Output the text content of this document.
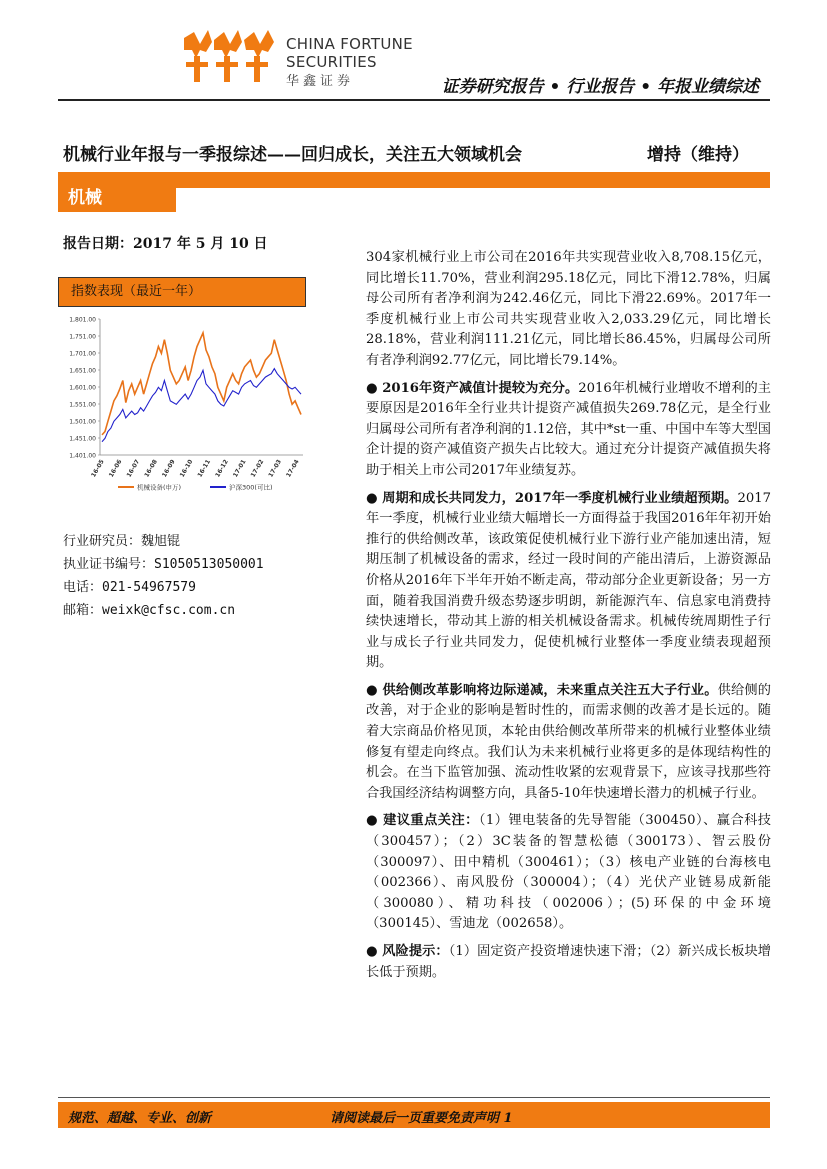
CHINA FORTUNE
SECURITIES
华鑫证券	证券研究报告 • 行业报告 • 年报业绩综述
机械行业年报与一季报综述——回归成长，关注五大领域机会	增持（维持）
机械
报告日期：2017 年 5 月 10 日
指数表现（最近一年）
1,801.00
1,751.00
1,701.00
1,651.00
1,601.00
1,551.00
1,501.00
1,451.00
1,401.00
16-05 16-06 16-07 16-08 16-09 16-10 16-11 16-12 17-01 17-02 17-03 17-04
机械设备(申万)	沪深300(可比)
行业研究员：魏旭锟
执业证书编号：S1050513050001
电话：021-54967579
邮箱：weixk@cfsc.com.cn

304家机械行业上市公司在2016年共实现营业收入8,708.15亿元，同比增长11.70%，营业利润295.18亿元，同比下滑12.78%，归属母公司所有者净利润为242.46亿元，同比下滑22.69%。2017年一季度机械行业上市公司共实现营业收入2,033.29亿元，同比增长28.18%，营业利润111.21亿元，同比增长86.45%，归属母公司所有者净利润92.77亿元，同比增长79.14%。

● 2016年资产减值计提较为充分。2016年机械行业增收不增利的主要原因是2016年全行业共计提资产减值损失269.78亿元，是全行业归属母公司所有者净利润的1.12倍，其中*st一重、中国中车等大型国企计提的资产减值资产损失占比较大。通过充分计提资产减值损失将助于相关上市公司2017年业绩复苏。

● 周期和成长共同发力，2017年一季度机械行业业绩超预期。2017年一季度，机械行业业绩大幅增长一方面得益于我国2016年年初开始推行的供给侧改革，该政策促使机械行业下游行业产能加速出清，短期压制了机械设备的需求，经过一段时间的产能出清后，上游资源品价格从2016年下半年开始不断走高，带动部分企业更新设备；另一方面，随着我国消费升级态势逐步明朗，新能源汽车、信息家电消费持续快速增长，带动其上游的相关机械设备需求。机械传统周期性子行业与成长子行业共同发力，促使机械行业整体一季度业绩表现超预期。

● 供给侧改革影响将边际递减，未来重点关注五大子行业。供给侧的改善，对于企业的影响是暂时性的，而需求侧的改善才是长远的。随着大宗商品价格见顶，本轮由供给侧改革所带来的机械行业整体业绩修复有望走向终点。我们认为未来机械行业将更多的是体现结构性的机会。在当下监管加强、流动性收紧的宏观背景下，应该寻找那些符合我国经济结构调整方向，具备5-10年快速增长潜力的机械子行业。

● 建议重点关注：（1）锂电装备的先导智能（300450）、赢合科技（300457）；（2）3C装备的智慧松德（300173）、智云股份（300097）、田中精机（300461）；（3）核电产业链的台海核电（002366）、南风股份（300004）；（4）光伏产业链易成新能（300080）、精功科技（002006）；(5)环保的中金环境（300145）、雪迪龙（002658）。

● 风险提示：（1）固定资产投资增速快速下滑；（2）新兴成长板块增长低于预期。

规范、超越、专业、创新	请阅读最后一页重要免责声明 1
